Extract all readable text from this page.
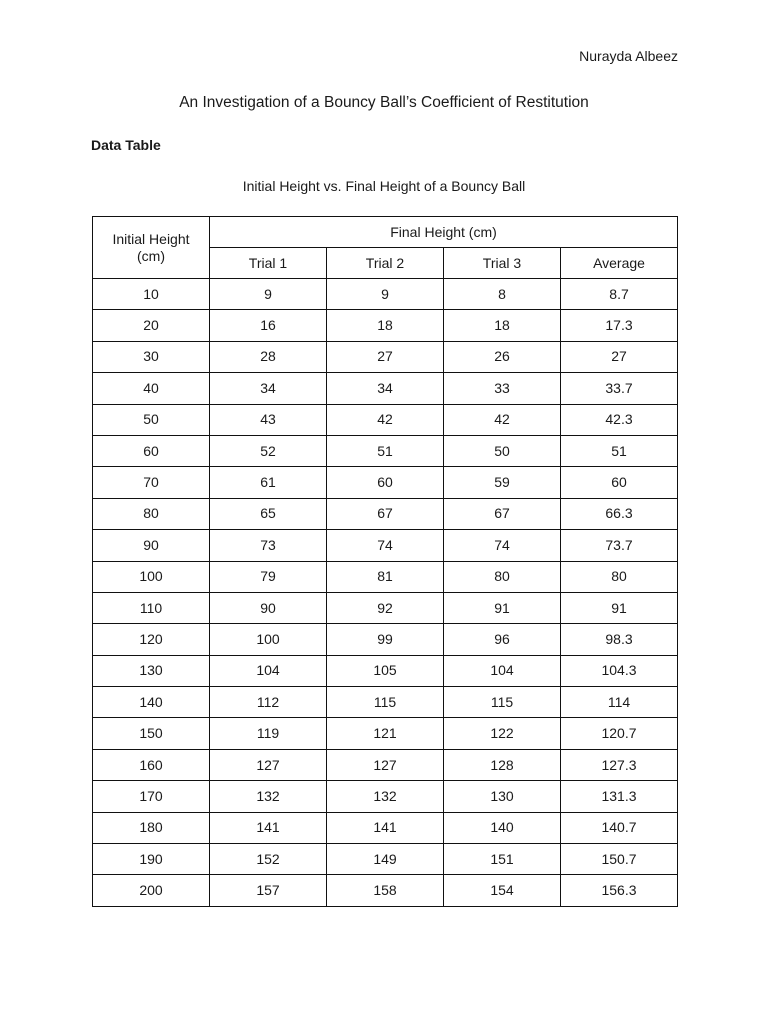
Nurayda Albeez
An Investigation of a Bouncy Ball’s Coefficient of Restitution
Data Table
Initial Height vs. Final Height of a Bouncy Ball
Initial Height
(cm)	Final Height (cm)			
	Trial 1	Trial 2	Trial 3	Average
10	9	9	8	8.7
20	16	18	18	17.3
30	28	27	26	27
40	34	34	33	33.7
50	43	42	42	42.3
60	52	51	50	51
70	61	60	59	60
80	65	67	67	66.3
90	73	74	74	73.7
100	79	81	80	80
110	90	92	91	91
120	100	99	96	98.3
130	104	105	104	104.3
140	112	115	115	114
150	119	121	122	120.7
160	127	127	128	127.3
170	132	132	130	131.3
180	141	141	140	140.7
190	152	149	151	150.7
200	157	158	154	156.3
